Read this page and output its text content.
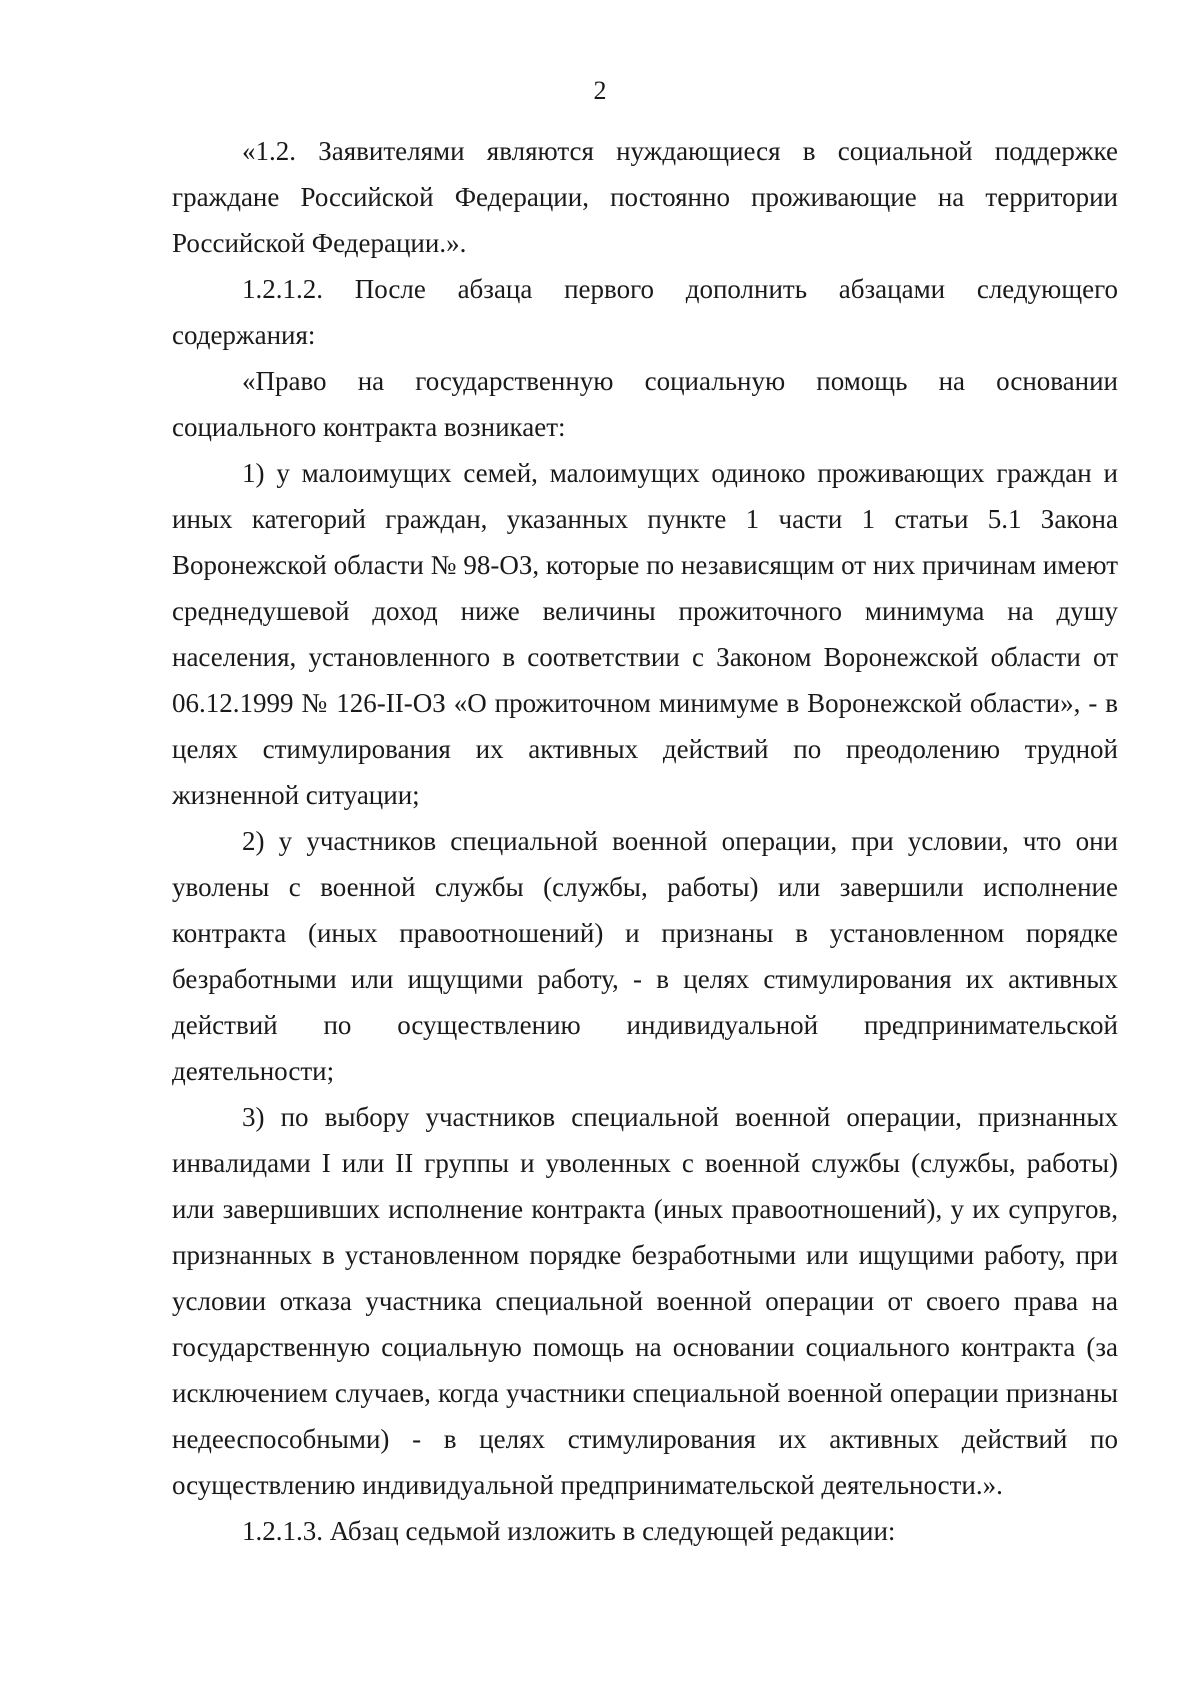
2

«1.2. Заявителями являются нуждающиеся в социальной поддержке граждане Российской Федерации, постоянно проживающие на территории Российской Федерации.».

1.2.1.2. После абзаца первого дополнить абзацами следующего содержания:

«Право на государственную социальную помощь на основании социального контракта возникает:

1) у малоимущих семей, малоимущих одиноко проживающих граждан и иных категорий граждан, указанных пункте 1 части 1 статьи 5.1 Закона Воронежской области № 98-ОЗ, которые по независящим от них причинам имеют среднедушевой доход ниже величины прожиточного минимума на душу населения, установленного в соответствии с Законом Воронежской области от 06.12.1999 № 126-II-ОЗ «О прожиточном минимуме в Воронежской области», - в целях стимулирования их активных действий по преодолению трудной жизненной ситуации;

2) у участников специальной военной операции, при условии, что они уволены с военной службы (службы, работы) или завершили исполнение контракта (иных правоотношений) и признаны в установленном порядке безработными или ищущими работу, - в целях стимулирования их активных действий по осуществлению индивидуальной предпринимательской деятельности;

3) по выбору участников специальной военной операции, признанных инвалидами I или II группы и уволенных с военной службы (службы, работы) или завершивших исполнение контракта (иных правоотношений), у их супругов, признанных в установленном порядке безработными или ищущими работу, при условии отказа участника специальной военной операции от своего права на государственную социальную помощь на основании социального контракта (за исключением случаев, когда участники специальной военной операции признаны недееспособными) - в целях стимулирования их активных действий по осуществлению индивидуальной предпринимательской деятельности.».

1.2.1.3. Абзац седьмой изложить в следующей редакции:
